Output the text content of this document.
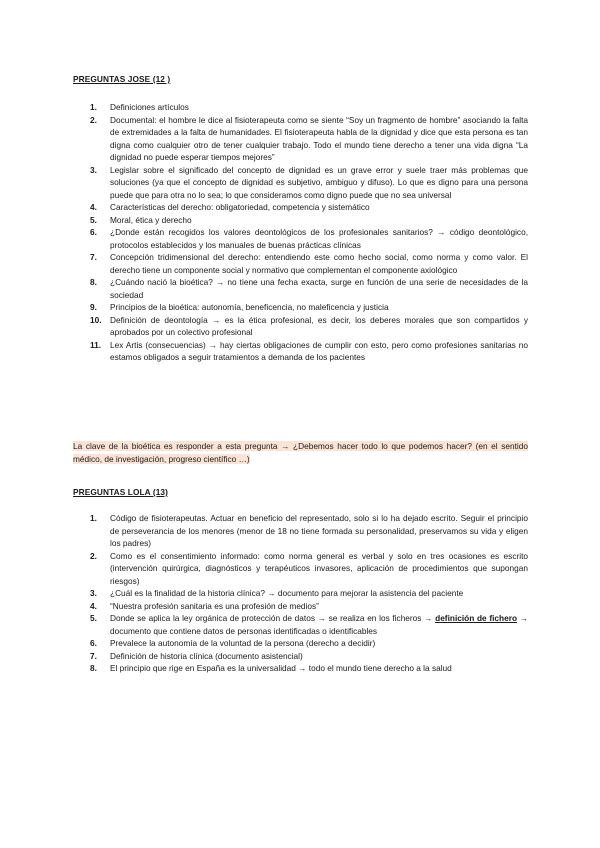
PREGUNTAS JOSE (12 )
1. Definiciones artículos
2. Documental: el hombre le dice al fisioterapeuta como se siente “Soy un fragmento de hombre” asociando la falta de extremidades a la falta de humanidades. El fisioterapeuta habla de la dignidad y dice que esta persona es tan digna como cualquier otro de tener cualquier trabajo. Todo el mundo tiene derecho a tener una vida digna “La dignidad no puede esperar tiempos mejores”
3. Legislar sobre el significado del concepto de dignidad es un grave error y suele traer más problemas que soluciones (ya que el concepto de dignidad es subjetivo, ambiguo y difuso). Lo que es digno para una persona puede que para otra no lo sea; lo que consideramos como digno puede que no sea universal
4. Características del derecho: obligatoriedad, competencia y sistemático
5. Moral, ética y derecho
6. ¿Donde están recogidos los valores deontológicos de los profesionales sanitarios? → código deontológico, protocolos establecidos y los manuales de buenas prácticas clínicas
7. Concepción tridimensional del derecho: entendiendo este como hecho social, como norma y como valor. El derecho tiene un componente social y normativo que complementan el componente axiológico
8. ¿Cuándo nació la bioética? → no tiene una fecha exacta, surge en función de una serie de necesidades de la sociedad
9. Principios de la bioética: autonomía, beneficencia, no maleficencia y justicia
10. Definición de deontología → es la ética profesional, es decir, los deberes morales que son compartidos y aprobados por un colectivo profesional
11. Lex Artis (consecuencias) → hay ciertas obligaciones de cumplir con esto, pero como profesiones sanitarias no estamos obligados a seguir tratamientos a demanda de los pacientes
La clave de la bioética es responder a esta pregunta → ¿Debemos hacer todo lo que podemos hacer? (en el sentido médico, de investigación, progreso científico …)
PREGUNTAS LOLA (13)
1. Código de fisioterapeutas. Actuar en beneficio del representado, solo si lo ha dejado escrito. Seguir el principio de perseverancia de los menores (menor de 18 no tiene formada su personalidad, preservamos su vida y eligen los padres)
2. Como es el consentimiento informado: como norma general es verbal y solo en tres ocasiones es escrito (intervención quirúrgica, diagnósticos y terapéuticos invasores, aplicación de procedimientos que supongan riesgos)
3. ¿Cuál es la finalidad de la historia clínica? → documento para mejorar la asistencia del paciente
4. “Nuestra profesión sanitaria es una profesión de medios”
5. Donde se aplica la ley orgánica de protección de datos → se realiza en los ficheros → definición de fichero → documento que contiene datos de personas identificadas o identificables
6. Prevalece la autonomía de la voluntad de la persona (derecho a decidir)
7. Definición de historia clínica (documento asistencial)
8. El principio que rige en España es la universalidad → todo el mundo tiene derecho a la salud
